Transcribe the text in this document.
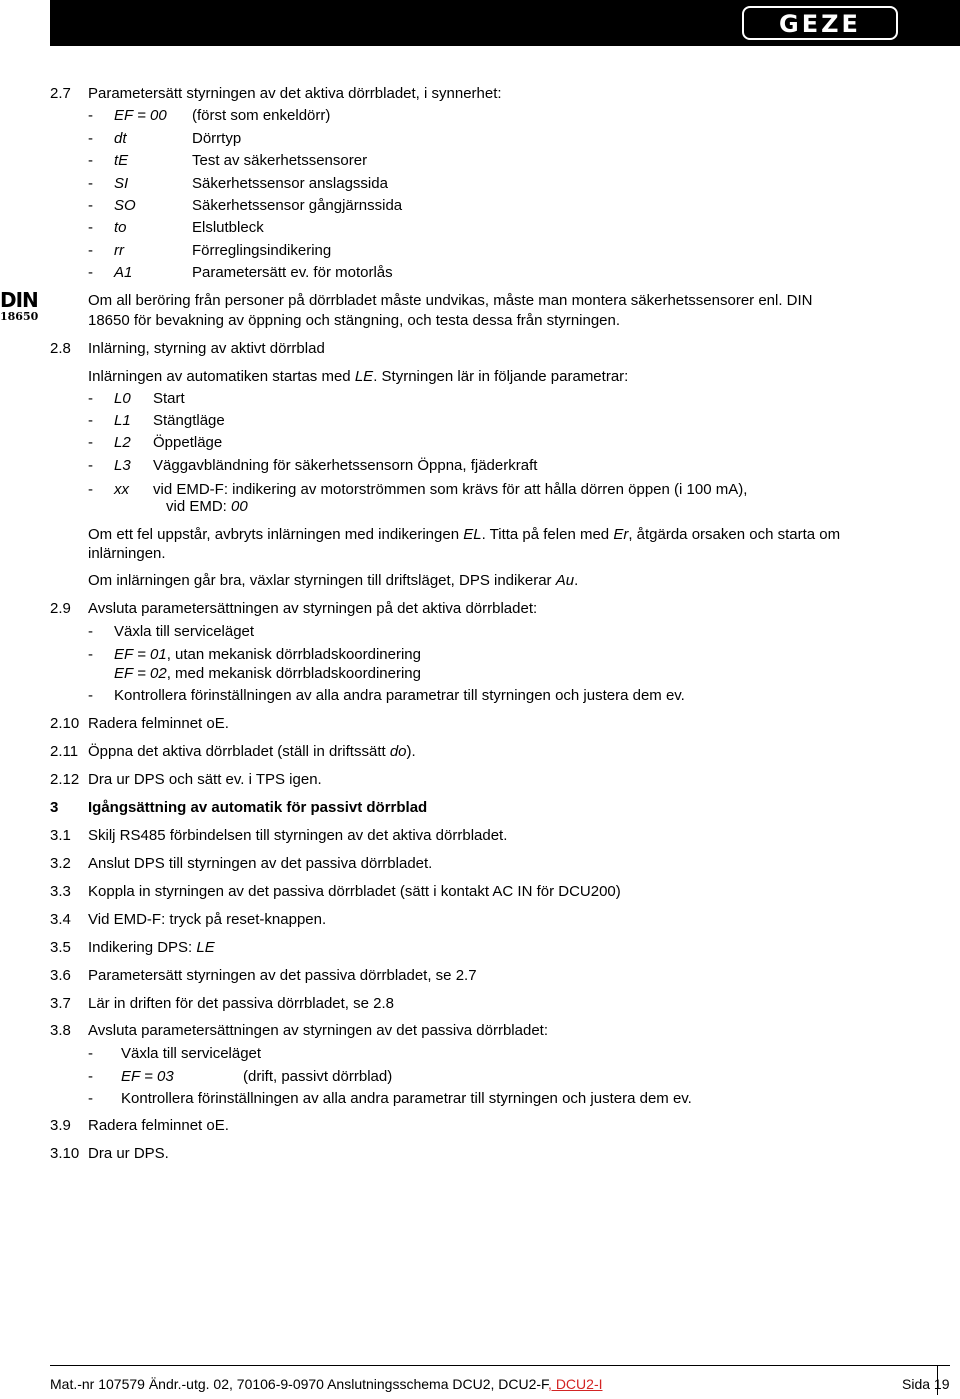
GEZE
DIN
18650
2.7 Parametersätt styrningen av det aktiva dörrbladet, i synnerhet:
- EF = 00 (först som enkeldörr)
- dt	Dörrtyp
- tE	Test av säkerhetssensorer
- SI	Säkerhetssensor anslagssida
- SO	Säkerhetssensor gångjärnssida
- to	Elslutbleck
- rr	Förreglingsindikering
- A1	Parametersätt ev. för motorlås
Om all beröring från personer på dörrbladet måste undvikas, måste man montera säkerhetssensorer enl. DIN
18650 för bevakning av öppning och stängning, och testa dessa från styrningen.
2.8 Inlärning, styrning av aktivt dörrblad
Inlärningen av automatiken startas med LE. Styrningen lär in följande parametrar:
- L0 Start
- L1 Stängtläge
- L2 Öppetläge
- L3 Väggavbländning för säkerhetssensorn Öppna, fjäderkraft
- xx vid EMD-F: indikering av motorströmmen som krävs för att hålla dörren öppen (i 100 mA),
vid EMD: 00
Om ett fel uppstår, avbryts inlärningen med indikeringen EL. Titta på felen med Er, åtgärda orsaken och starta om
inlärningen.
Om inlärningen går bra, växlar styrningen till driftsläget, DPS indikerar Au.
2.9 Avsluta parametersättningen av styrningen på det aktiva dörrbladet:
- Växla till serviceläget
- EF = 01, utan mekanisk dörrbladskoordinering
EF = 02, med mekanisk dörrbladskoordinering
- Kontrollera förinställningen av alla andra parametrar till styrningen och justera dem ev.
2.10 Radera felminnet oE.
2.11 Öppna det aktiva dörrbladet (ställ in driftssätt do).
2.12 Dra ur DPS och sätt ev. i TPS igen.
3 Igångsättning av automatik för passivt dörrblad
3.1 Skilj RS485 förbindelsen till styrningen av det aktiva dörrbladet.
3.2 Anslut DPS till styrningen av det passiva dörrbladet.
3.3 Koppla in styrningen av det passiva dörrbladet (sätt i kontakt AC IN för DCU200)
3.4 Vid EMD-F: tryck på reset-knappen.
3.5 Indikering DPS: LE
3.6 Parametersätt styrningen av det passiva dörrbladet, se 2.7
3.7 Lär in driften för det passiva dörrbladet, se 2.8
3.8 Avsluta parametersättningen av styrningen av det passiva dörrbladet:
- Växla till serviceläget
- EF = 03	(drift, passivt dörrblad)
- Kontrollera förinställningen av alla andra parametrar till styrningen och justera dem ev.
3.9 Radera felminnet oE.
3.10 Dra ur DPS.
Mat.-nr 107579 Ändr.-utg. 02, 70106-9-0970 Anslutningsschema DCU2, DCU2-F, DCU2-I	Sida 19
